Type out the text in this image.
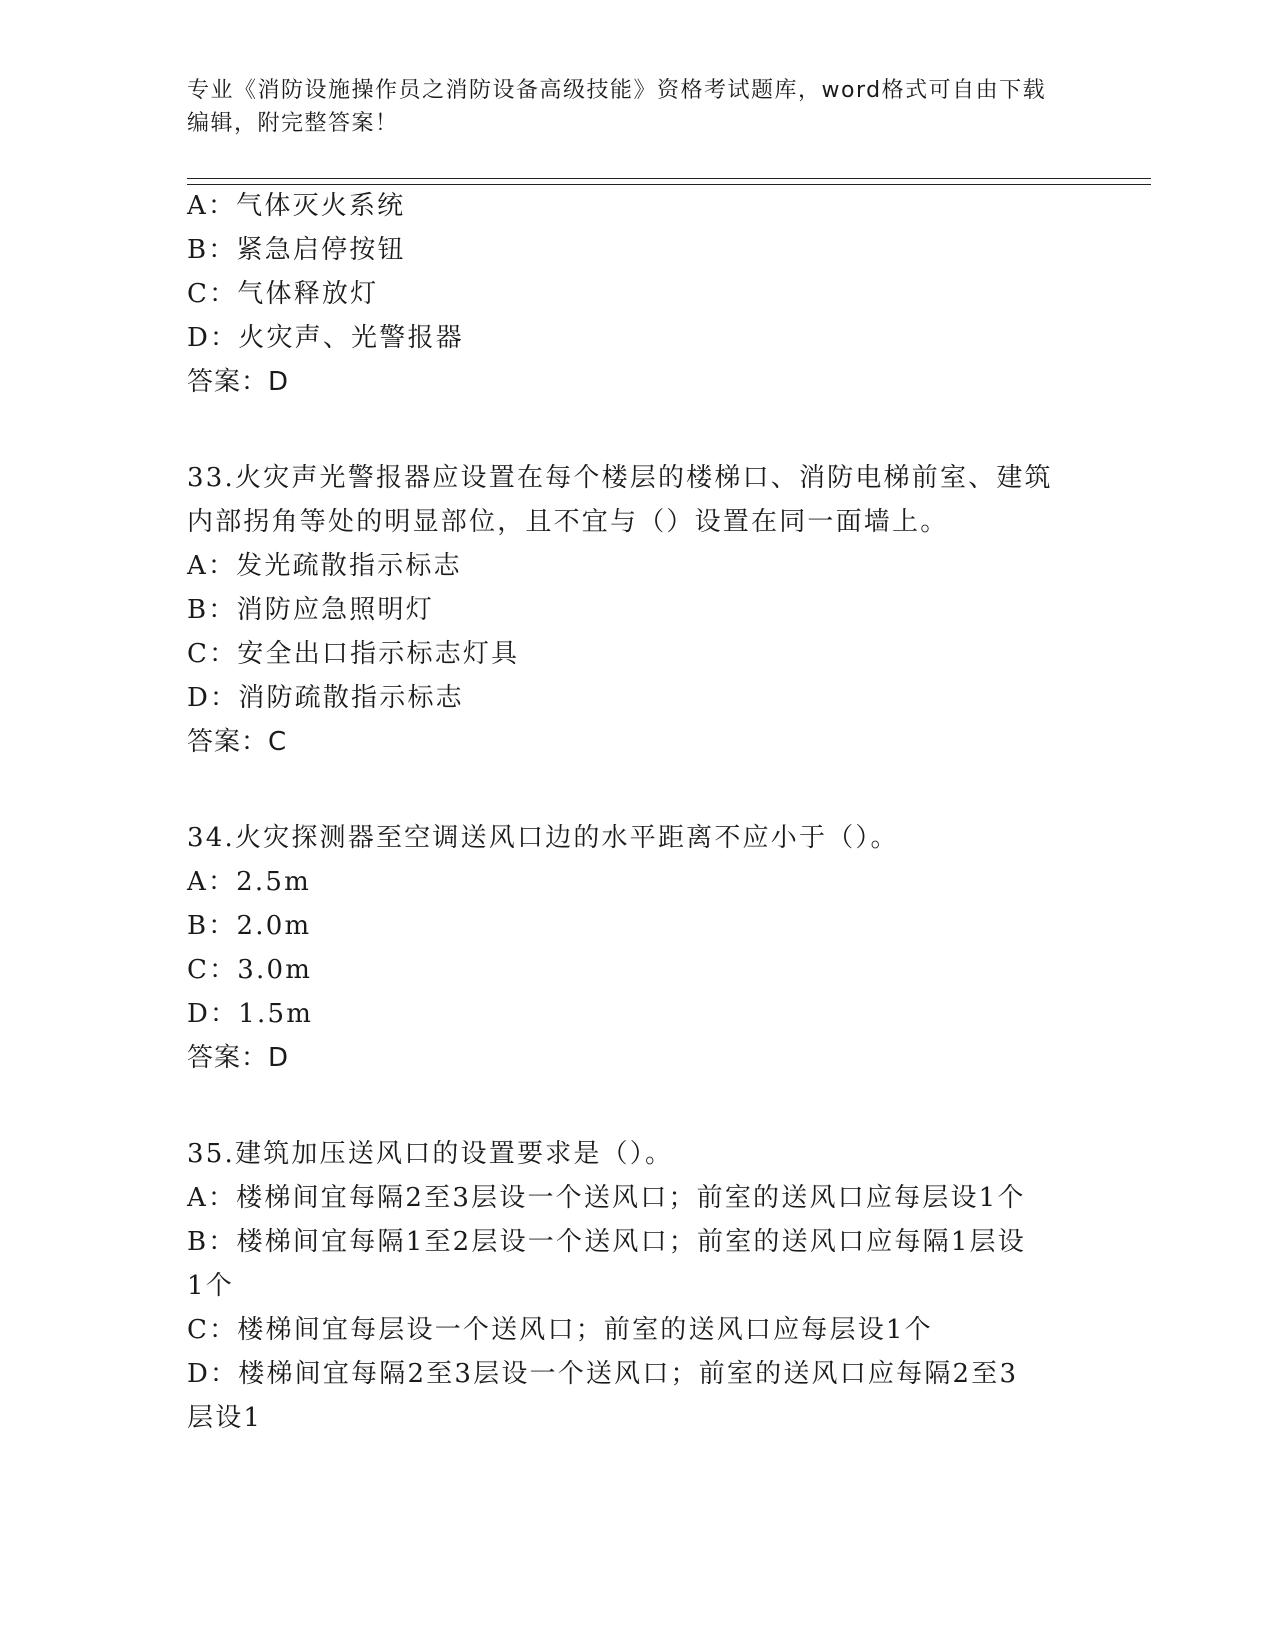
专业《消防设施操作员之消防设备高级技能》资格考试题库，word格式可自由下载编辑，附完整答案！
A：气体灭火系统
B：紧急启停按钮
C：气体释放灯
D：火灾声、光警报器
答案：D
33.火灾声光警报器应设置在每个楼层的楼梯口、消防电梯前室、建筑
内部拐角等处的明显部位，且不宜与（）设置在同一面墙上。
A：发光疏散指示标志
B：消防应急照明灯
C：安全出口指示标志灯具
D：消防疏散指示标志
答案：C
34.火灾探测器至空调送风口边的水平距离不应小于（）。
A：2.5m
B：2.0m
C：3.0m
D：1.5m
答案：D
35.建筑加压送风口的设置要求是（）。
A：楼梯间宜每隔2至3层设一个送风口；前室的送风口应每层设1个
B：楼梯间宜每隔1至2层设一个送风口；前室的送风口应每隔1层设
1个
C：楼梯间宜每层设一个送风口；前室的送风口应每层设1个
D：楼梯间宜每隔2至3层设一个送风口；前室的送风口应每隔2至3
层设1
